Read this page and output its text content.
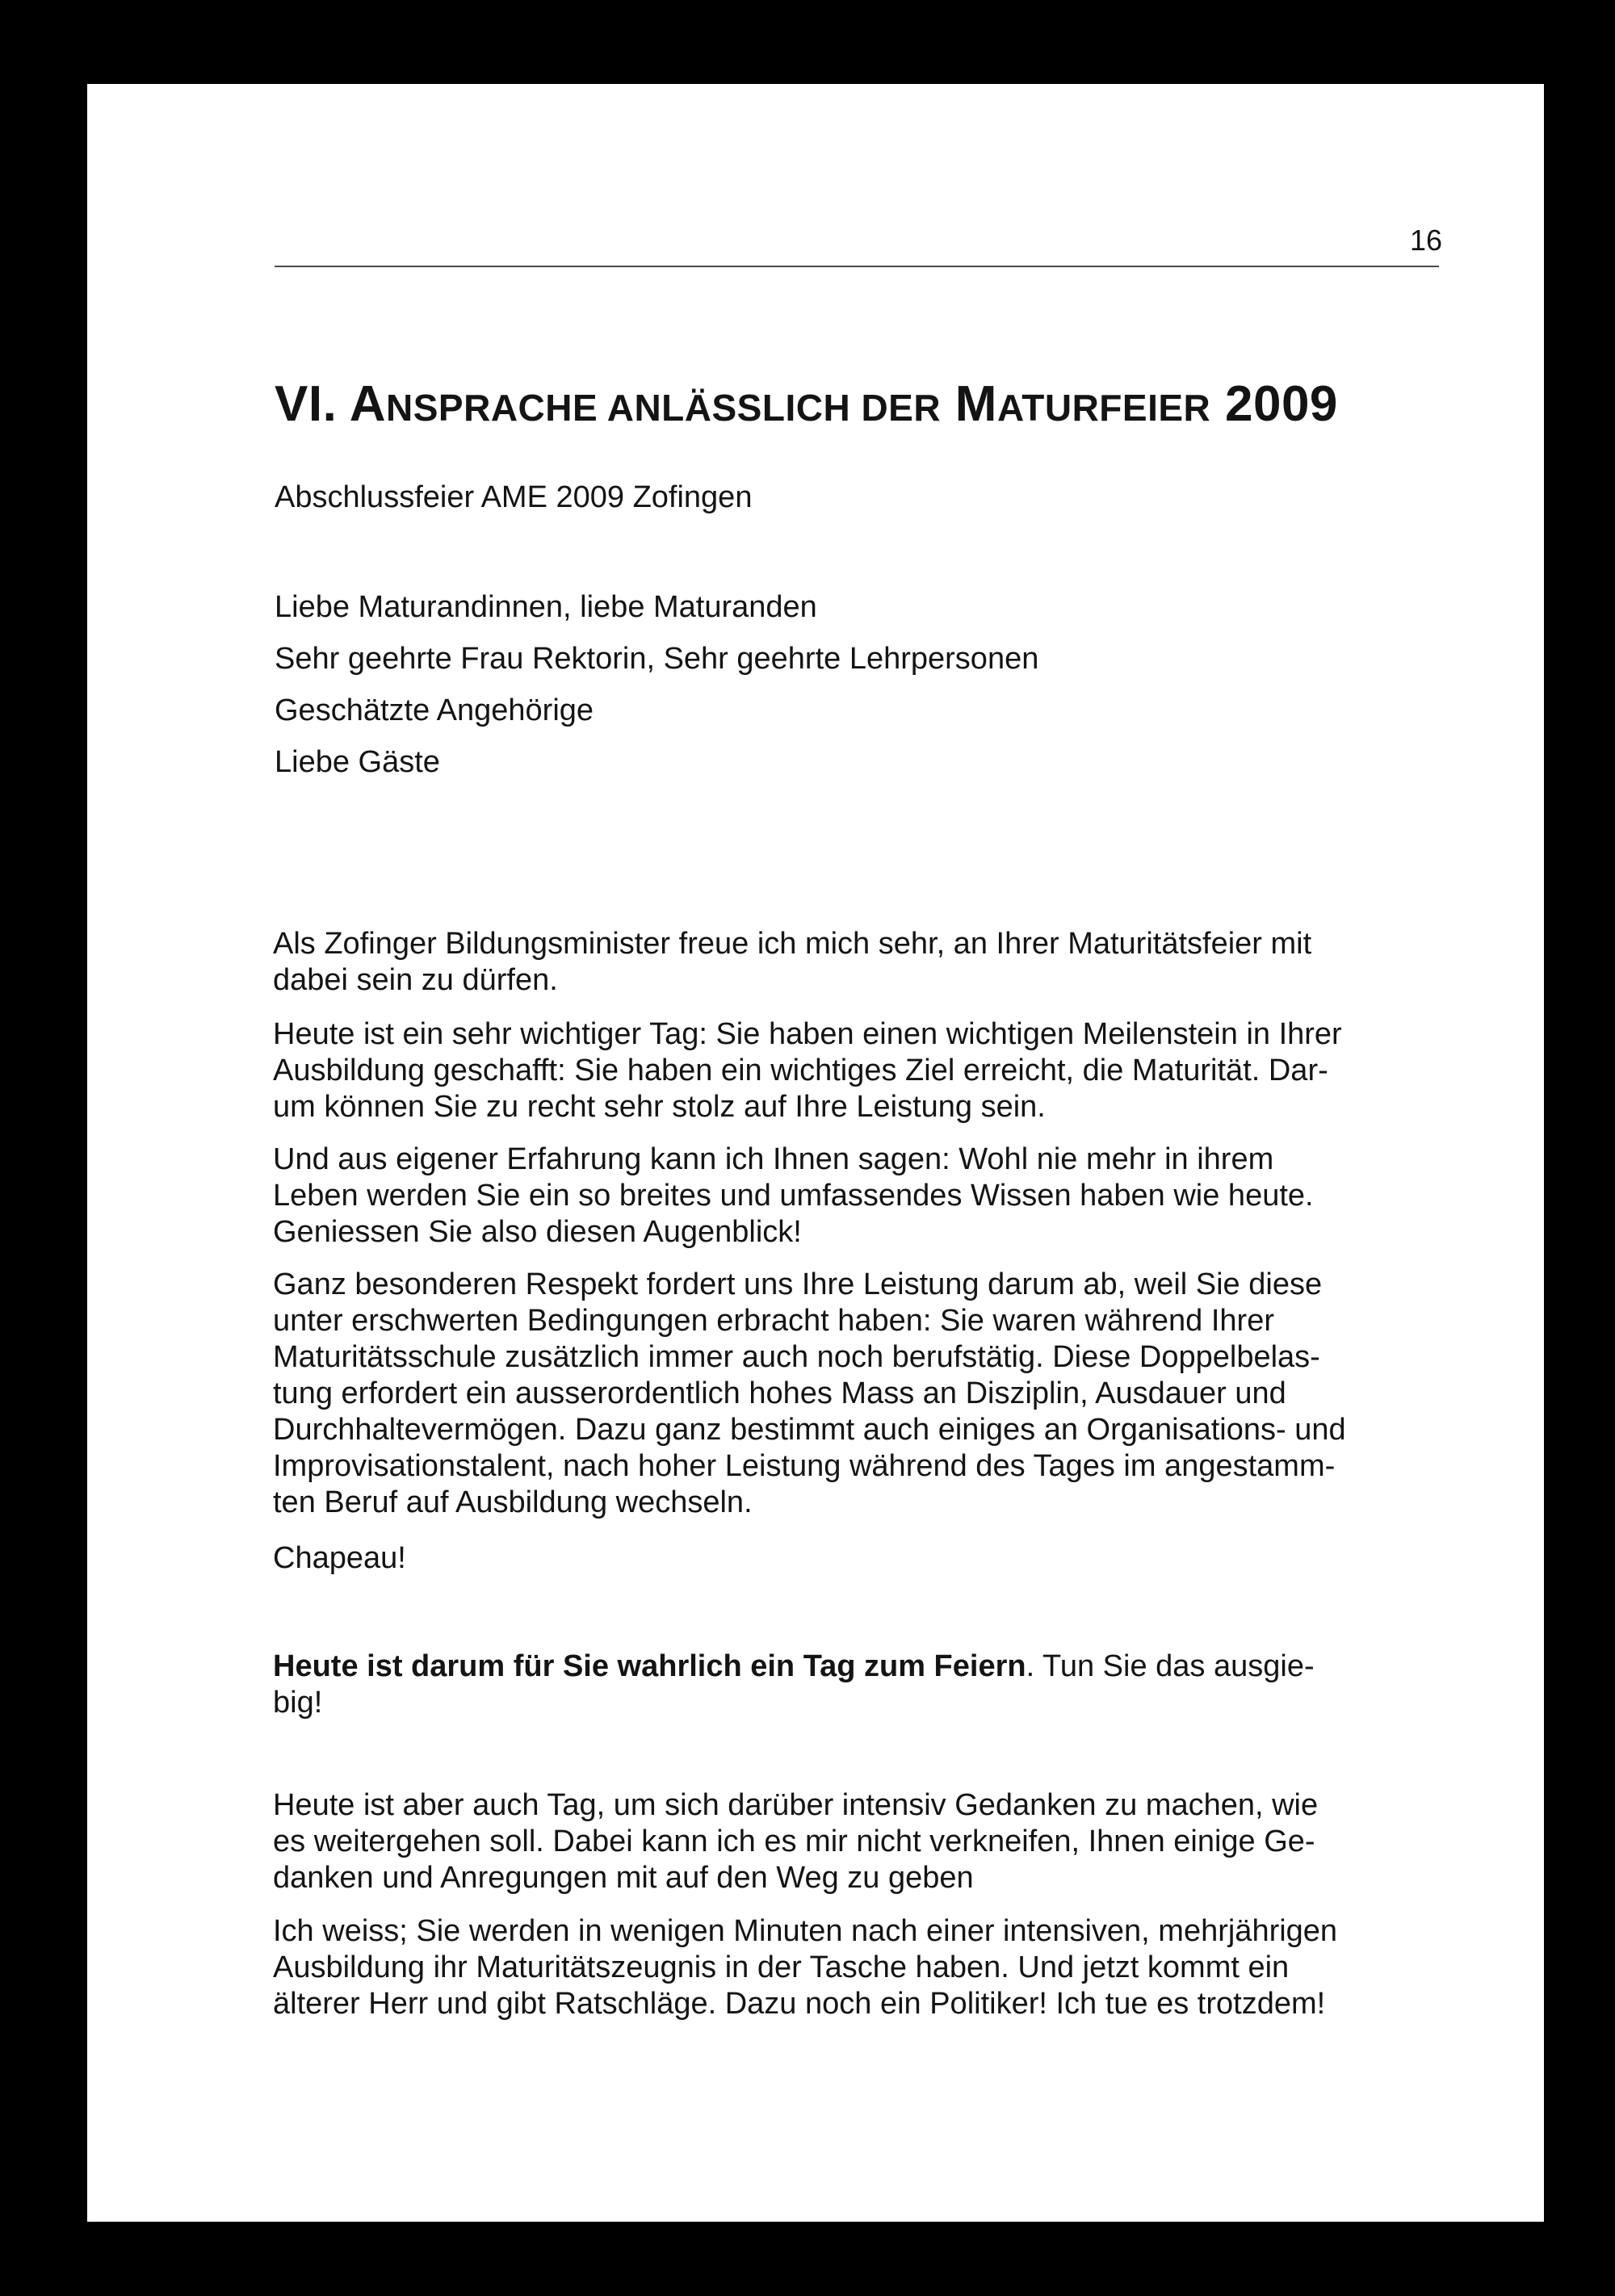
16
VI. ANSPRACHE ANLÄSSLICH DER MATURFEIER 2009
Abschlussfeier AME 2009 Zofingen
Liebe Maturandinnen, liebe Maturanden
Sehr geehrte Frau Rektorin, Sehr geehrte Lehrpersonen
Geschätzte Angehörige
Liebe Gäste
Als Zofinger Bildungsminister freue ich mich sehr, an Ihrer Maturitätsfeier mit
dabei sein zu dürfen.
Heute ist ein sehr wichtiger Tag: Sie haben einen wichtigen Meilenstein in Ihrer
Ausbildung geschafft: Sie haben ein wichtiges Ziel erreicht, die Maturität. Dar-
um können Sie zu recht sehr stolz auf Ihre Leistung sein.
Und aus eigener Erfahrung kann ich Ihnen sagen: Wohl nie mehr in ihrem
Leben werden Sie ein so breites und umfassendes Wissen haben wie heute.
Geniessen Sie also diesen Augenblick!
Ganz besonderen Respekt fordert uns Ihre Leistung darum ab, weil Sie diese
unter erschwerten Bedingungen erbracht haben: Sie waren während Ihrer
Maturitätsschule zusätzlich immer auch noch berufstätig. Diese Doppelbelas-
tung erfordert ein ausserordentlich hohes Mass an Disziplin, Ausdauer und
Durchhaltevermögen. Dazu ganz bestimmt auch einiges an Organisations- und
Improvisationstalent, nach hoher Leistung während des Tages im angestamm-
ten Beruf auf Ausbildung wechseln.
Chapeau!
Heute ist darum für Sie wahrlich ein Tag zum Feiern. Tun Sie das ausgie-
big!
Heute ist aber auch Tag, um sich darüber intensiv Gedanken zu machen, wie
es weitergehen soll. Dabei kann ich es mir nicht verkneifen, Ihnen einige Ge-
danken und Anregungen mit auf den Weg zu geben
Ich weiss; Sie werden in wenigen Minuten nach einer intensiven, mehrjährigen
Ausbildung ihr Maturitätszeugnis in der Tasche haben. Und jetzt kommt ein
älterer Herr und gibt Ratschläge. Dazu noch ein Politiker! Ich tue es trotzdem!
